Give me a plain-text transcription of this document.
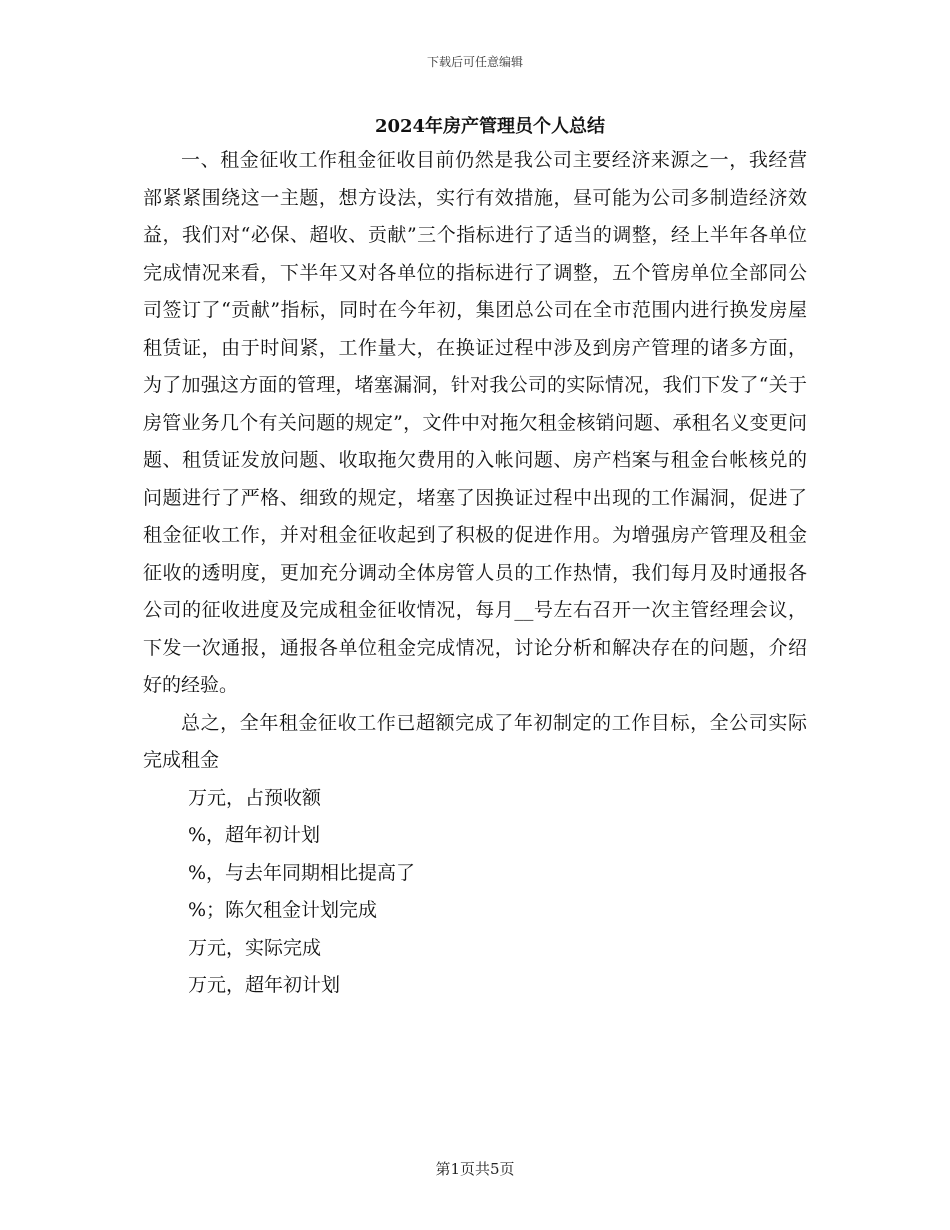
下载后可任意编辑
2024年房产管理员个人总结

一、租金征收工作租金征收目前仍然是我公司主要经济来源之一，我经营部紧紧围绕这一主题，想方设法，实行有效措施，昼可能为公司多制造经济效益，我们对“必保、超收、贡献”三个指标进行了适当的调整，经上半年各单位完成情况来看，下半年又对各单位的指标进行了调整，五个管房单位全部同公司签订了“贡献”指标，同时在今年初，集团总公司在全市范围内进行换发房屋租赁证，由于时间紧，工作量大，在换证过程中涉及到房产管理的诸多方面，为了加强这方面的管理，堵塞漏洞，针对我公司的实际情况，我们下发了“关于房管业务几个有关问题的规定”，文件中对拖欠租金核销问题、承租名义变更问题、租赁证发放问题、收取拖欠费用的入帐问题、房产档案与租金台帐核兑的问题进行了严格、细致的规定，堵塞了因换证过程中出现的工作漏洞，促进了租金征收工作，并对租金征收起到了积极的促进作用。为增强房产管理及租金征收的透明度，更加充分调动全体房管人员的工作热情，我们每月及时通报各公司的征收进度及完成租金征收情况，每月__号左右召开一次主管经理会议，下发一次通报，通报各单位租金完成情况，讨论分析和解决存在的问题，介绍好的经验。

总之，全年租金征收工作已超额完成了年初制定的工作目标，全公司实际完成租金

万元，占预收额

%，超年初计划

%，与去年同期相比提高了

%；陈欠租金计划完成

万元，实际完成

万元，超年初计划

第1页共5页
